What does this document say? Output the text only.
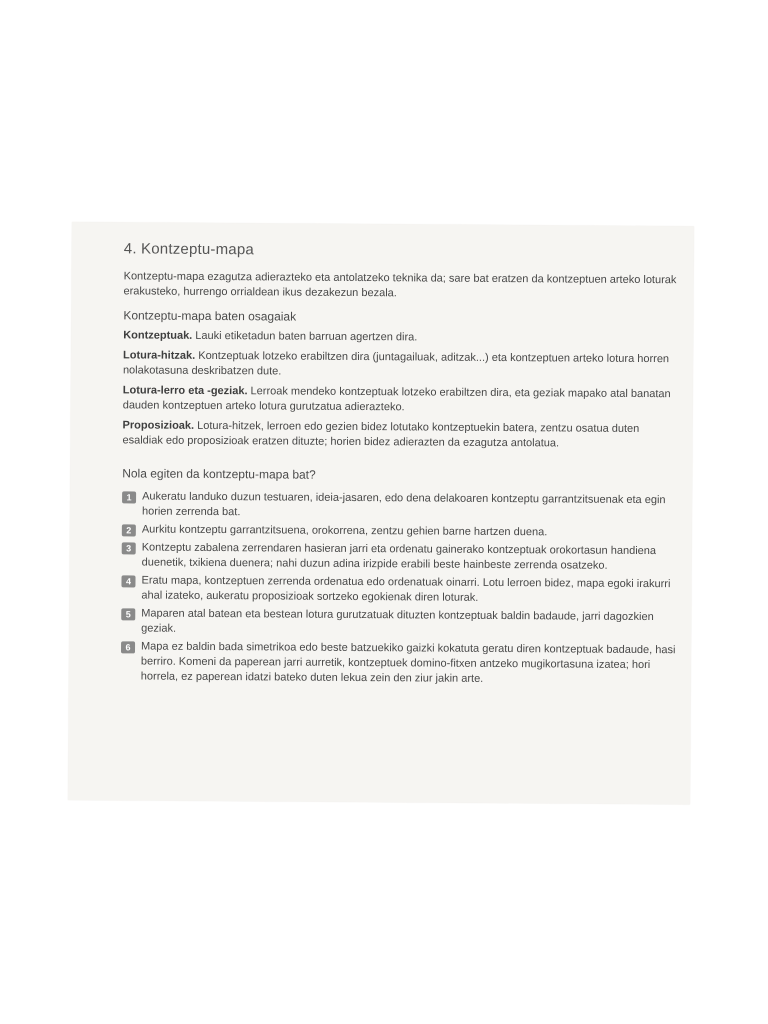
4. Kontzeptu-mapa

Kontzeptu-mapa ezagutza adierazteko eta antolatzeko teknika da; sare bat eratzen da kontzeptuen arteko loturak erakusteko, hurrengo orrialdean ikus dezakezun bezala.

Kontzeptu-mapa baten osagaiak

Kontzeptuak. Lauki etiketadun baten barruan agertzen dira.

Lotura-hitzak. Kontzeptuak lotzeko erabiltzen dira (juntagailuak, aditzak...) eta kontzeptuen arteko lotura horren nolakotasuna deskribatzen dute.

Lotura-lerro eta -geziak. Lerroak mendeko kontzeptuak lotzeko erabiltzen dira, eta geziak mapako atal banatan dauden kontzeptuen arteko lotura gurutzatua adierazteko.

Proposizioak. Lotura-hitzek, lerroen edo gezien bidez lotutako kontzeptuekin batera, zentzu osatua duten esaldiak edo proposizioak eratzen dituzte; horien bidez adierazten da ezagutza antolatua.

Nola egiten da kontzeptu-mapa bat?

1 Aukeratu landuko duzun testuaren, ideia-jasaren, edo dena delakoaren kontzeptu garrantzitsuenak eta egin horien zerrenda bat.

2 Aurkitu kontzeptu garrantzitsuena, orokorrena, zentzu gehien barne hartzen duena.

3 Kontzeptu zabalena zerrendaren hasieran jarri eta ordenatu gainerako kontzeptuak orokortasun handiena duenetik, txikiena duenera; nahi duzun adina irizpide erabili beste hainbeste zerrenda osatzeko.

4 Eratu mapa, kontzeptuen zerrenda ordenatua edo ordenatuak oinarri. Lotu lerroen bidez, mapa egoki irakurri ahal izateko, aukeratu proposizioak sortzeko egokienak diren loturak.

5 Maparen atal batean eta bestean lotura gurutzatuak dituzten kontzeptuak baldin badaude, jarri dagozkien geziak.

6 Mapa ez baldin bada simetrikoa edo beste batzuekiko gaizki kokatuta geratu diren kontzeptuak badaude, hasi berriro. Komeni da paperean jarri aurretik, kontzeptuek domino-fitxen antzeko mugikortasuna izatea; hori horrela, ez paperean idatzi bateko duten lekua zein den ziur jakin arte.
